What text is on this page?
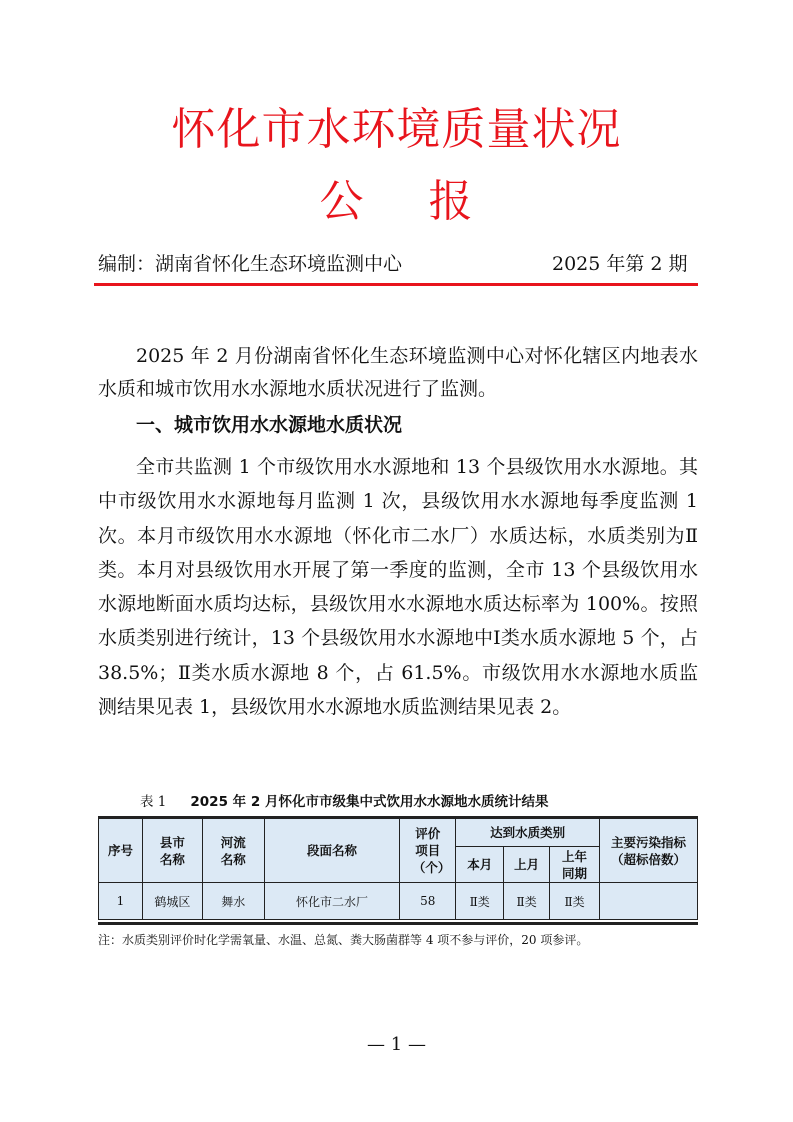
怀化市水环境质量状况
公 报
编制：湖南省怀化生态环境监测中心	2025 年第 2 期
2025 年 2 月份湖南省怀化生态环境监测中心对怀化辖区内地表水水质和城市饮用水水源地水质状况进行了监测。
一、城市饮用水水源地水质状况
全市共监测 1 个市级饮用水水源地和 13 个县级饮用水水源地。其中市级饮用水水源地每月监测 1 次，县级饮用水水源地每季度监测 1 次。本月市级饮用水水源地（怀化市二水厂）水质达标，水质类别为Ⅱ类。本月对县级饮用水开展了第一季度的监测，全市 13 个县级饮用水水源地断面水质均达标，县级饮用水水源地水质达标率为 100%。按照水质类别进行统计，13 个县级饮用水水源地中Ⅰ类水质水源地 5 个，占 38.5%；Ⅱ类水质水源地 8 个，占 61.5%。市级饮用水水源地水质监测结果见表 1，县级饮用水水源地水质监测结果见表 2。
表 1 2025 年 2 月怀化市市级集中式饮用水水源地水质统计结果
序号	县市名称	河流名称	段面名称	评价项目（个）	达到水质类别			主要污染指标（超标倍数）

					本月	上月	上年同期	

1	鹤城区	舞水	怀化市二水厂	58	Ⅱ类	Ⅱ类	Ⅱ类	
注：水质类别评价时化学需氧量、水温、总氮、粪大肠菌群等 4 项不参与评价，20 项参评。
— 1 —
